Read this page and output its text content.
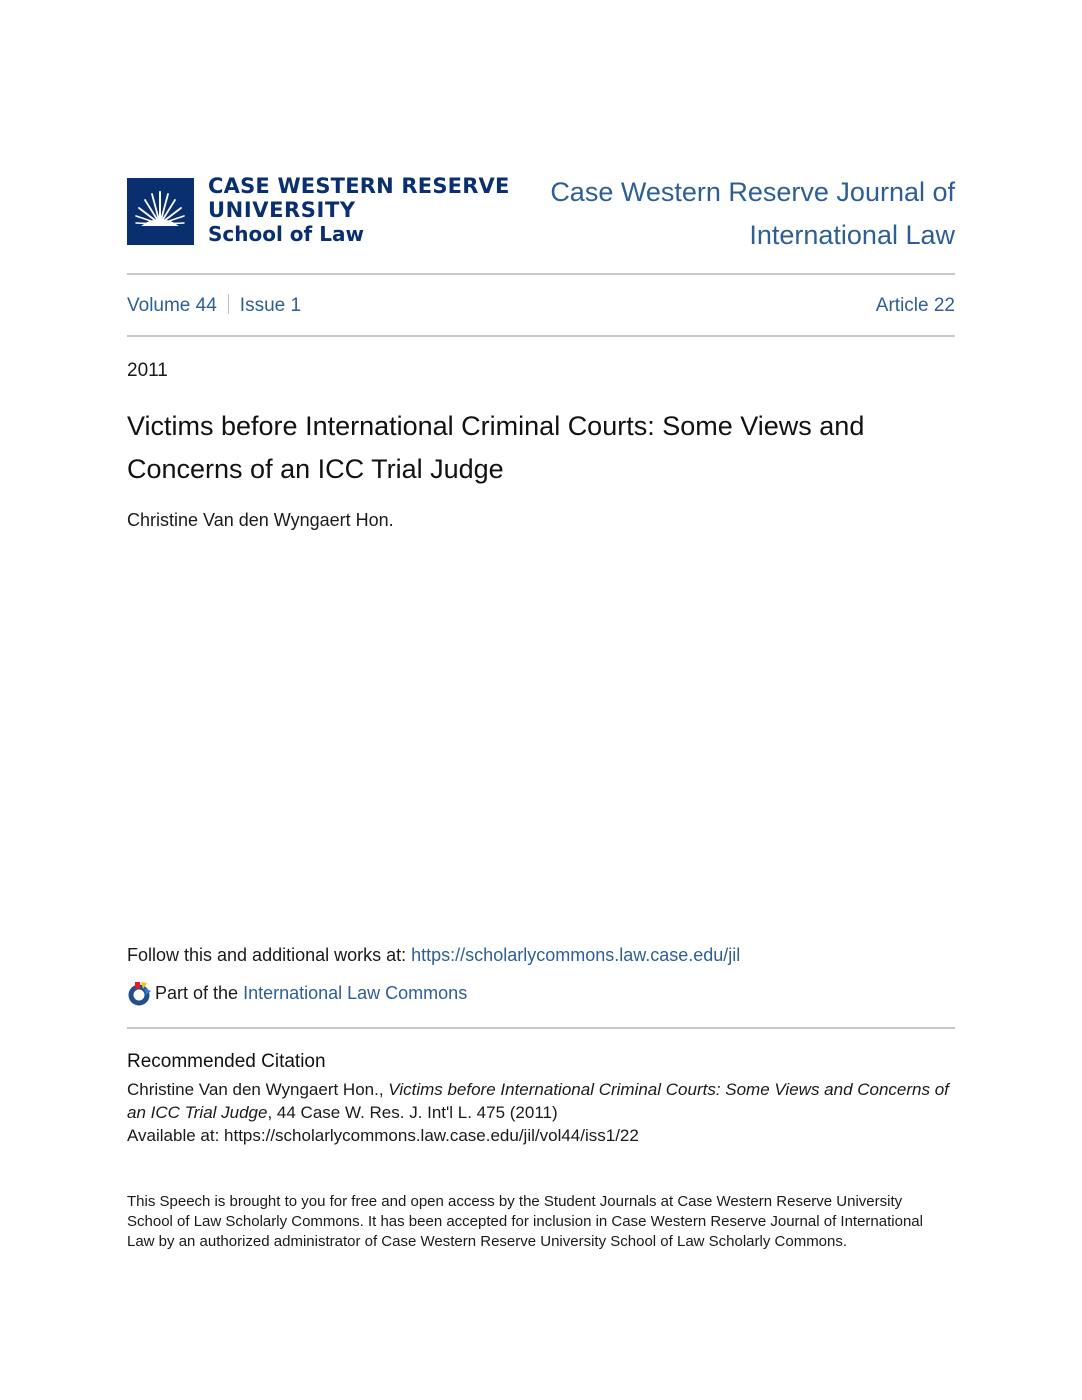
CASE WESTERN RESERVE
UNIVERSITY
School of Law
Case Western Reserve Journal of
International Law
Volume 44 Issue 1	Article 22
2011
Victims before International Criminal Courts: Some Views and Concerns of an ICC Trial Judge
Christine Van den Wyngaert Hon.
Follow this and additional works at: https://scholarlycommons.law.case.edu/jil
Part of the
International Law Commons
Recommended Citation
Christine Van den Wyngaert Hon., Victims before International Criminal Courts: Some Views and Concerns of an ICC Trial Judge, 44 Case W. Res. J. Int'l L. 475 (2011)
Available at: https://scholarlycommons.law.case.edu/jil/vol44/iss1/22
This Speech is brought to you for free and open access by the Student Journals at Case Western Reserve University School of Law Scholarly Commons. It has been accepted for inclusion in Case Western Reserve Journal of International Law by an authorized administrator of Case Western Reserve University School of Law Scholarly Commons.
